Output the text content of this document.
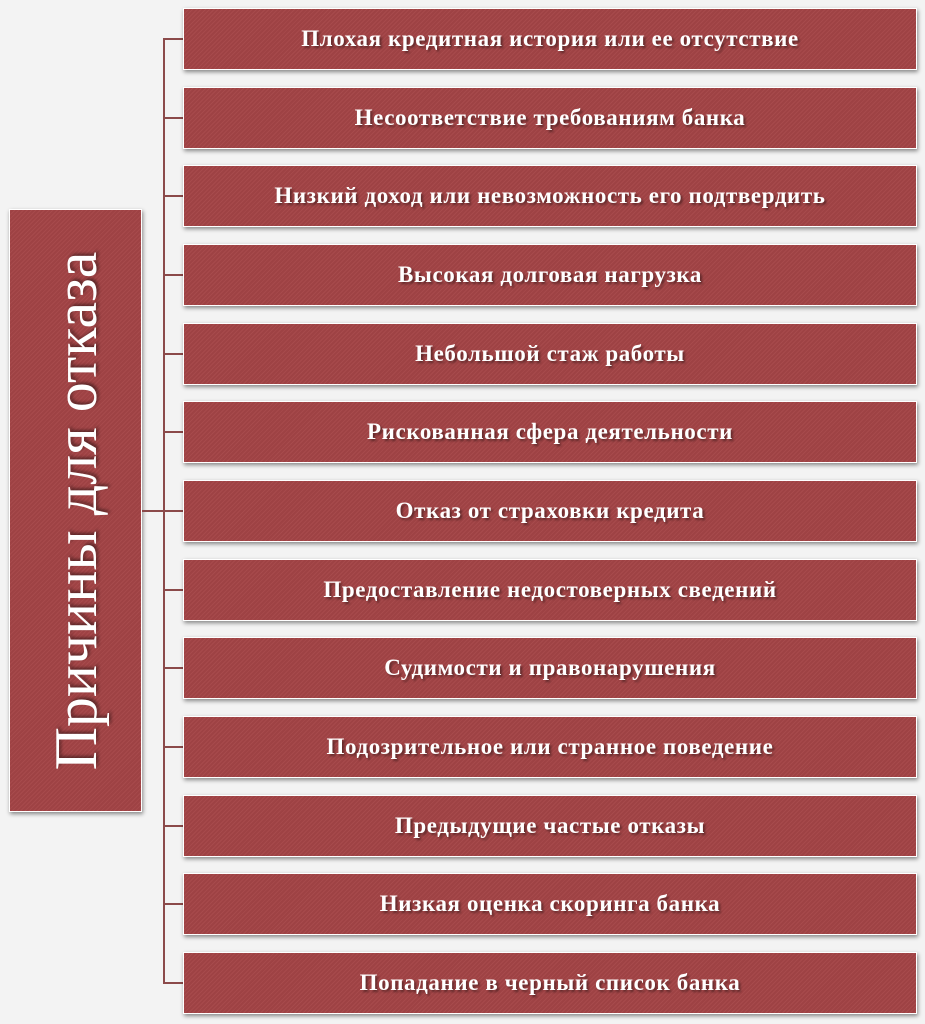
Причины для отказа
Плохая кредитная история или ее отсутствие
Несоответствие требованиям банка
Низкий доход или невозможность его подтвердить
Высокая долговая нагрузка
Небольшой стаж работы
Рискованная сфера деятельности
Отказ от страховки кредита
Предоставление недостоверных сведений
Судимости и правонарушения
Подозрительное или странное поведение
Предыдущие частые отказы
Низкая оценка скоринга банка
Попадание в черный список банка
